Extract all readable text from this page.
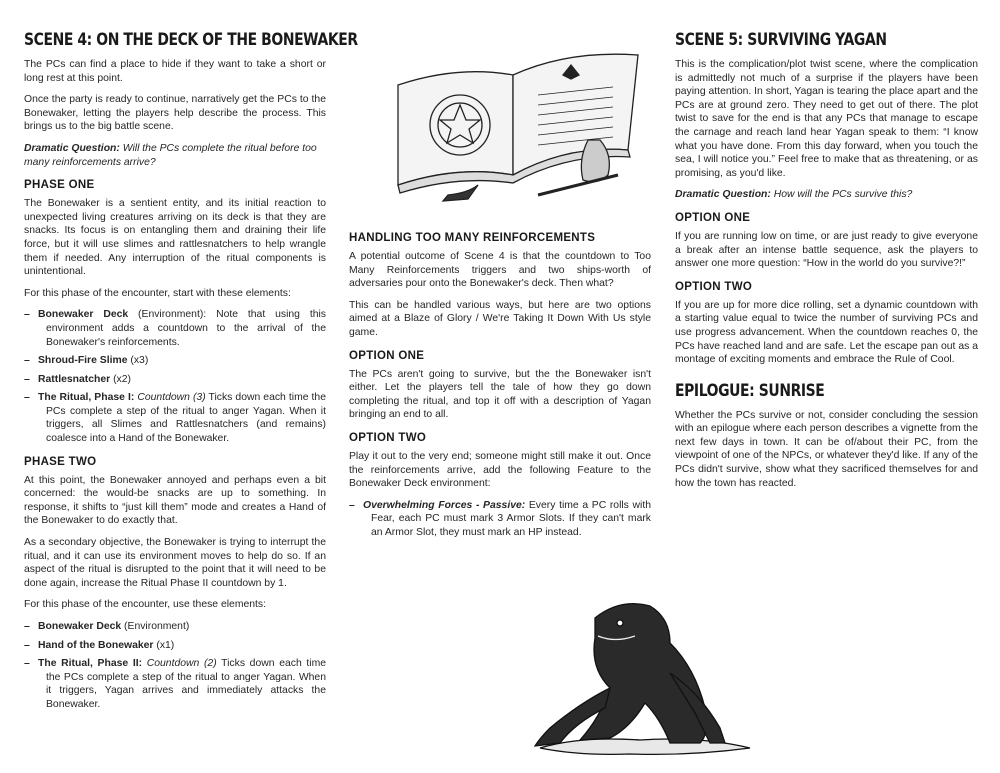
SCENE 4: ON THE DECK OF THE BONEWAKER

The PCs can find a place to hide if they want to take a short or long rest at this point.

Once the party is ready to continue, narratively get the PCs to the Bonewaker, letting the players help describe the process. This brings us to the big battle scene.

Dramatic Question: Will the PCs complete the ritual before too many reinforcements arrive?

PHASE ONE

The Bonewaker is a sentient entity, and its initial reaction to unexpected living creatures arriving on its deck is that they are snacks. Its focus is on entangling them and draining their life force, but it will use slimes and rattlesnatchers to help wrangle them if needed. Any interruption of the ritual components is unintentional.

For this phase of the encounter, start with these elements:

– Bonewaker Deck (Environment): Note that using this environment adds a countdown to the arrival of the Bonewaker's reinforcements.
– Shroud-Fire Slime (x3)
– Rattlesnatcher (x2)
– The Ritual, Phase I: Countdown (3) Ticks down each time the PCs complete a step of the ritual to anger Yagan. When it triggers, all Slimes and Rattlesnatchers (and remains) coalesce into a Hand of the Bonewaker.
PHASE TWO

At this point, the Bonewaker annoyed and perhaps even a bit concerned: the would-be snacks are up to something. In response, it shifts to “just kill them” mode and creates a Hand of the Bonewaker to do exactly that.

As a secondary objective, the Bonewaker is trying to interrupt the ritual, and it can use its environment moves to help do so. If an aspect of the ritual is disrupted to the point that it will need to be done again, increase the Ritual Phase II countdown by 1.

For this phase of the encounter, use these elements:

– Bonewaker Deck (Environment)
– Hand of the Bonewaker (x1)
– The Ritual, Phase II: Countdown (2) Ticks down each time the PCs complete a step of the ritual to anger Yagan. When it triggers, Yagan arrives and immediately attacks the Bonewaker.
HANDLING TOO MANY REINFORCEMENTS

A potential outcome of Scene 4 is that the countdown to Too Many Reinforcements triggers and two ships-worth of adversaries pour onto the Bonewaker's deck. Then what?

This can be handled various ways, but here are two options aimed at a Blaze of Glory / We're Taking It Down With Us style game.

OPTION ONE

The PCs aren't going to survive, but the the Bonewaker isn't either. Let the players tell the tale of how they go down completing the ritual, and top it off with a description of Yagan bringing an end to all.

OPTION TWO

Play it out to the very end; someone might still make it out. Once the reinforcements arrive, add the following Feature to the Bonewaker Deck environment:

– Overwhelming Forces - Passive: Every time a PC rolls with Fear, each PC must mark 3 Armor Slots. If they can't mark an Armor Slot, they must mark an HP instead.
SCENE 5: SURVIVING YAGAN

This is the complication/plot twist scene, where the complication is admittedly not much of a surprise if the players have been paying attention. In short, Yagan is tearing the place apart and the PCs are at ground zero. They need to get out of there. The plot twist to save for the end is that any PCs that manage to escape the carnage and reach land hear Yagan speak to them: “I know what you have done. From this day forward, when you touch the sea, I will notice you.” Feel free to make that as threatening, or as promising, as you'd like.

Dramatic Question: How will the PCs survive this?

OPTION ONE

If you are running low on time, or are just ready to give everyone a break after an intense battle sequence, ask the players to answer one more question: “How in the world do you survive?!”

OPTION TWO

If you are up for more dice rolling, set a dynamic countdown with a starting value equal to twice the number of surviving PCs and use progress advancement. When the countdown reaches 0, the PCs have reached land and are safe. Let the escape pan out as a montage of exciting moments and embrace the Rule of Cool.

EPILOGUE: SUNRISE

Whether the PCs survive or not, consider concluding the session with an epilogue where each person describes a vignette from the next few days in town. It can be of/about their PC, from the viewpoint of one of the NPCs, or whatever they'd like. If any of the PCs didn't survive, show what they sacrificed themselves for and how the town has reacted.
